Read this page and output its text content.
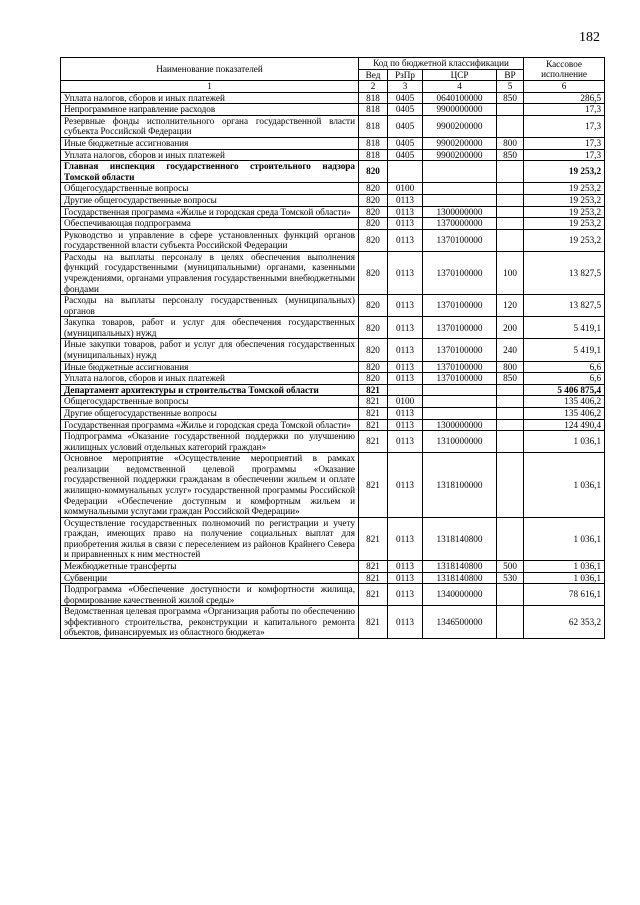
182
Наименование показателей	Код по бюджетной классификации				Кассовое исполнение
	Вед	РзПр	ЦСР	ВР	
1	2	3	4	5	6
Уплата налогов, сборов и иных платежей	818	0405	0640100000	850	286,5
Непрограммное направление расходов	818	0405	9900000000		17,3
Резервные фонды исполнительного органа государственной власти субъекта Российской Федерации	818	0405	9900200000		17,3
Иные бюджетные ассигнования	818	0405	9900200000	800	17,3
Уплата налогов, сборов и иных платежей	818	0405	9900200000	850	17,3
Главная инспекция государственного строительного надзора Томской области	820				19 253,2
Общегосударственные вопросы	820	0100			19 253,2
Другие общегосударственные вопросы	820	0113			19 253,2
Государственная программа «Жилье и городская среда Томской области»	820	0113	1300000000		19 253,2
Обеспечивающая подпрограмма	820	0113	1370000000		19 253,2
Руководство и управление в сфере установленных функций органов государственной власти субъекта Российской Федерации	820	0113	1370100000		19 253,2
Расходы на выплаты персоналу в целях обеспечения выполнения функций государственными (муниципальными) органами, казенными учреждениями, органами управления государственными внебюджетными фондами	820	0113	1370100000	100	13 827,5
Расходы на выплаты персоналу государственных (муниципальных) органов	820	0113	1370100000	120	13 827,5
Закупка товаров, работ и услуг для обеспечения государственных (муниципальных) нужд	820	0113	1370100000	200	5 419,1
Иные закупки товаров, работ и услуг для обеспечения государственных (муниципальных) нужд	820	0113	1370100000	240	5 419,1
Иные бюджетные ассигнования	820	0113	1370100000	800	6,6
Уплата налогов, сборов и иных платежей	820	0113	1370100000	850	6,6
Департамент архитектуры и строительства Томской области	821				5 406 875,4
Общегосударственные вопросы	821	0100			135 406,2
Другие общегосударственные вопросы	821	0113			135 406,2
Государственная программа «Жилье и городская среда Томской области»	821	0113	1300000000		124 490,4
Подпрограмма «Оказание государственной поддержки по улучшению жилищных условий отдельных категорий граждан»	821	0113	1310000000		1 036,1
Основное мероприятие «Осуществление мероприятий в рамках реализации ведомственной целевой программы «Оказание государственной поддержки гражданам в обеспечении жильем и оплате жилищно-коммунальных услуг» государственной программы Российской Федерации «Обеспечение доступным и комфортным жильем и коммунальными услугами граждан Российской Федерации»	821	0113	1318100000		1 036,1
Осуществление государственных полномочий по регистрации и учету граждан, имеющих право на получение социальных выплат для приобретения жилья в связи с переселением из районов Крайнего Севера и приравненных к ним местностей	821	0113	1318140800		1 036,1
Межбюджетные трансферты	821	0113	1318140800	500	1 036,1
Субвенции	821	0113	1318140800	530	1 036,1
Подпрограмма «Обеспечение доступности и комфортности жилища, формирование качественной жилой среды»	821	0113	1340000000		78 616,1
Ведомственная целевая программа «Организация работы по обеспечению эффективного строительства, реконструкции и капитального ремонта объектов, финансируемых из областного бюджета»	821	0113	1346500000		62 353,2
